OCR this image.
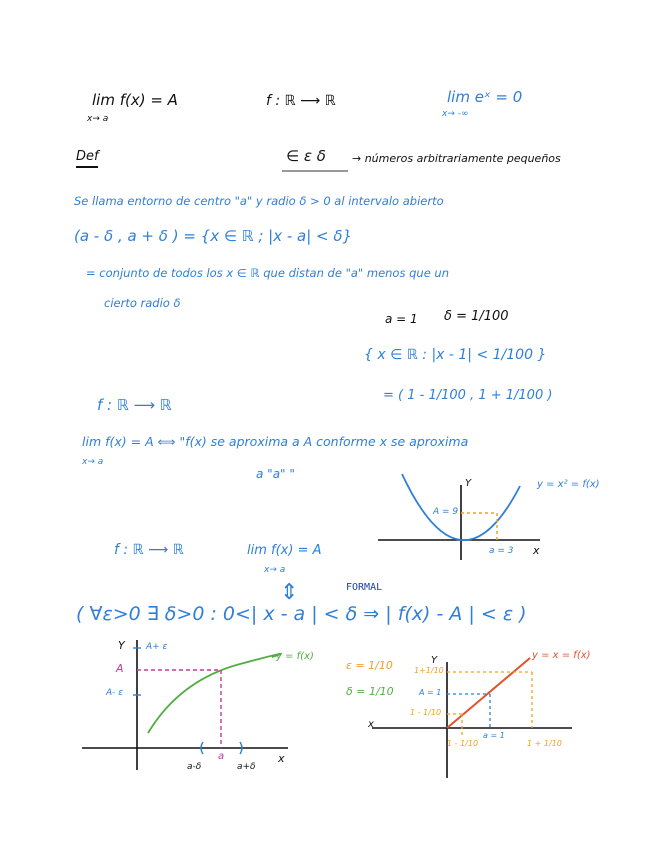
lim f(x) = A
x→ a
f : ℝ ⟶ ℝ	lim eˣ = 0
x→ -∞
Def	∈ ε δ → números arbitrariamente pequeños
Se llama entorno de centro "a" y radio δ > 0 al intervalo abierto
(a - δ , a + δ ) = {x ∈ ℝ ; |x - a| < δ}
= conjunto de todos los x ∈ ℝ que distan de "a" menos que un
cierto radio δ
a = 1 δ = 1/100
{ x ∈ ℝ : |x - 1| < 1/100 }
= ( 1 - 1/100 , 1 + 1/100 )
f : ℝ ⟶ ℝ
lim f(x) = A ⟺ "f(x) se aproxima a A conforme x se aproxima
x→ a
a "a" "
f : ℝ ⟶ ℝ	lim f(x) = A
x→ a
⇕	FORMAL
( ∀ε>0 ∃ δ>0 : 0<| x - a | < δ ⇒ | f(x) - A | < ε )
Y	y = x² = f(x)
A = 9
a = 3 x
Y A+ ε
A
A- ε
y = f(x)
a
a-δ	a+δ
x
ε = 1/10
δ = 1/10
Y	y = x = f(x)
1+1/10
A = 1
1 - 1/10
x
1 - 1/10
a = 1
1 + 1/10
